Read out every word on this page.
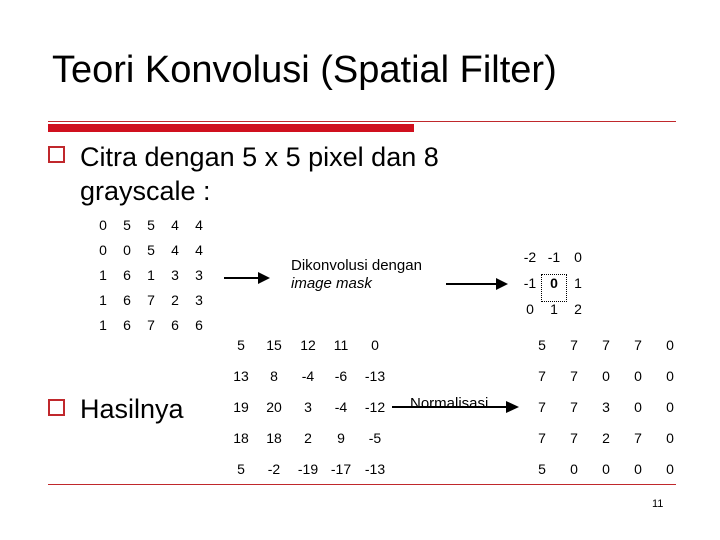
Teori Konvolusi (Spatial Filter)
Citra dengan 5 x 5 pixel dan 8
grayscale :
0	5	5	4	4
0	0	5	4	4
1	6	1	3	3
1	6	7	2	3
1	6	7	6	6
Dikonvolusi dengan
image mask
-2 -1 0
-1 0	1
0	1	2
Hasilnya
5	15	12	11	0
13	8	-4	-6	-13
19	20	3	-4	-12
18	18	2	9	-5
5	-2	-19 -17 -13
Normalisasi
5	7	7	7	0
7	7	0	0	0
7	7	3	0	0
7	7	2	7	0
5	0	0	0	0
11
